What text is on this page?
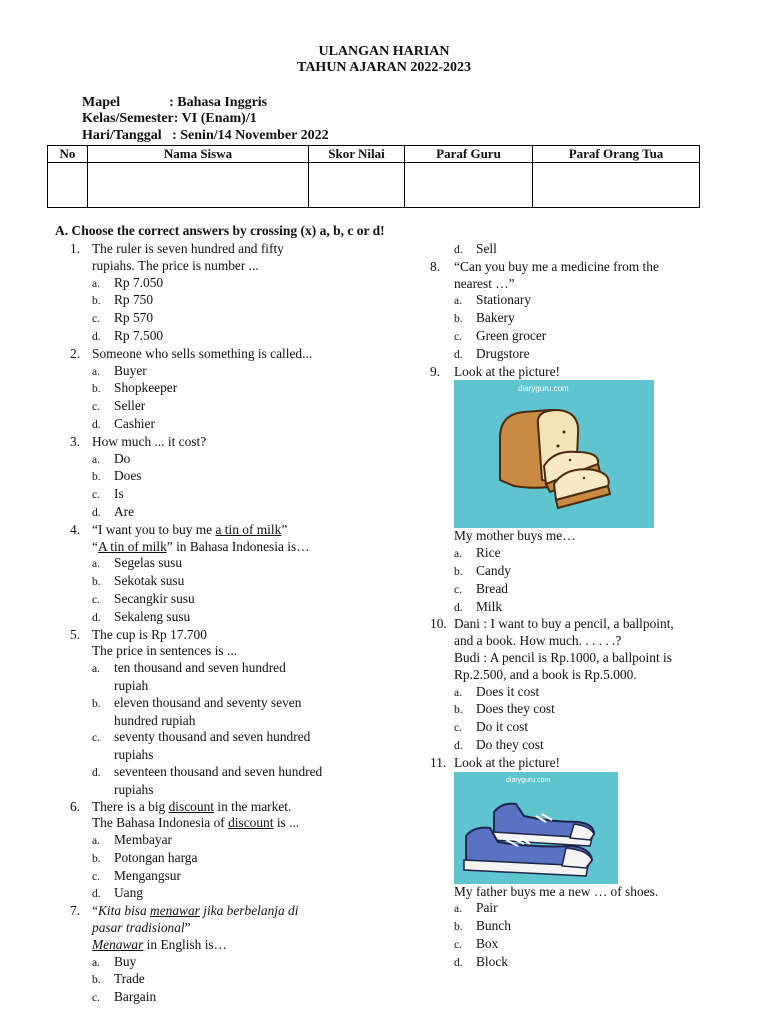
ULANGAN HARIAN
TAHUN AJARAN 2022-2023
Mapel              : Bahasa Inggris
Kelas/Semester: VI (Enam)/1
Hari/Tanggal   : Senin/14 November 2022
No	Nama Siswa	Skor Nilai	Paraf Guru	Paraf Orang Tua

A. Choose the correct answers by crossing (x) a, b, c or d!
1. The ruler is seven hundred and fifty
rupiahs. The price is number ...
a.	Rp 7.050
b. Rp 750
c.	Rp 570
d. Rp 7.500
2. Someone who sells something is called...
a.	Buyer
b. Shopkeeper
c.	Seller
d. Cashier
3. How much ... it cost?
a.	Do
b. Does
c.	Is
d. Are
4. “I want you to buy me a tin of milk”
“A tin of milk” in Bahasa Indonesia is…
a.	Segelas susu
b. Sekotak susu
c.	Secangkir susu
d. Sekaleng susu
5. The cup is Rp 17.700
The price in sentences is ...
a.	ten thousand and seven hundred
rupiah
b. eleven thousand and seventy seven
hundred rupiah
c.	seventy thousand and seven hundred
rupiahs
d. seventeen thousand and seven hundred
rupiahs
6. There is a big discount in the market.
The Bahasa Indonesia of discount is ...
a.	Membayar
b. Potongan harga
c.	Mengangsur
d. Uang
7. “Kita bisa menawar jika berbelanja di
pasar tradisional”
Menawar in English is…
a.	Buy
b. Trade
c.	Bargain
d. Sell
8.	“Can you buy me a medicine from the
nearest …”
a.	Stationary
b. Bakery
c.	Green grocer
d. Drugstore
9.	Look at the picture!
diaryguru.com
My mother buys me…
a.	Rice
b. Candy
c.	Bread
d. Milk
10. Dani : I want to buy a pencil, a ballpoint,
and a book. How much. . . . . .?
Budi : A pencil is Rp.1000, a ballpoint is
Rp.2.500, and a book is Rp.5.000.
a.	Does it cost
b. Does they cost
c.	Do it cost
d. Do they cost
11. Look at the picture!
diaryguru.com
My father buys me a new … of shoes.
a.	Pair
b. Bunch
c.	Box
d. Block
